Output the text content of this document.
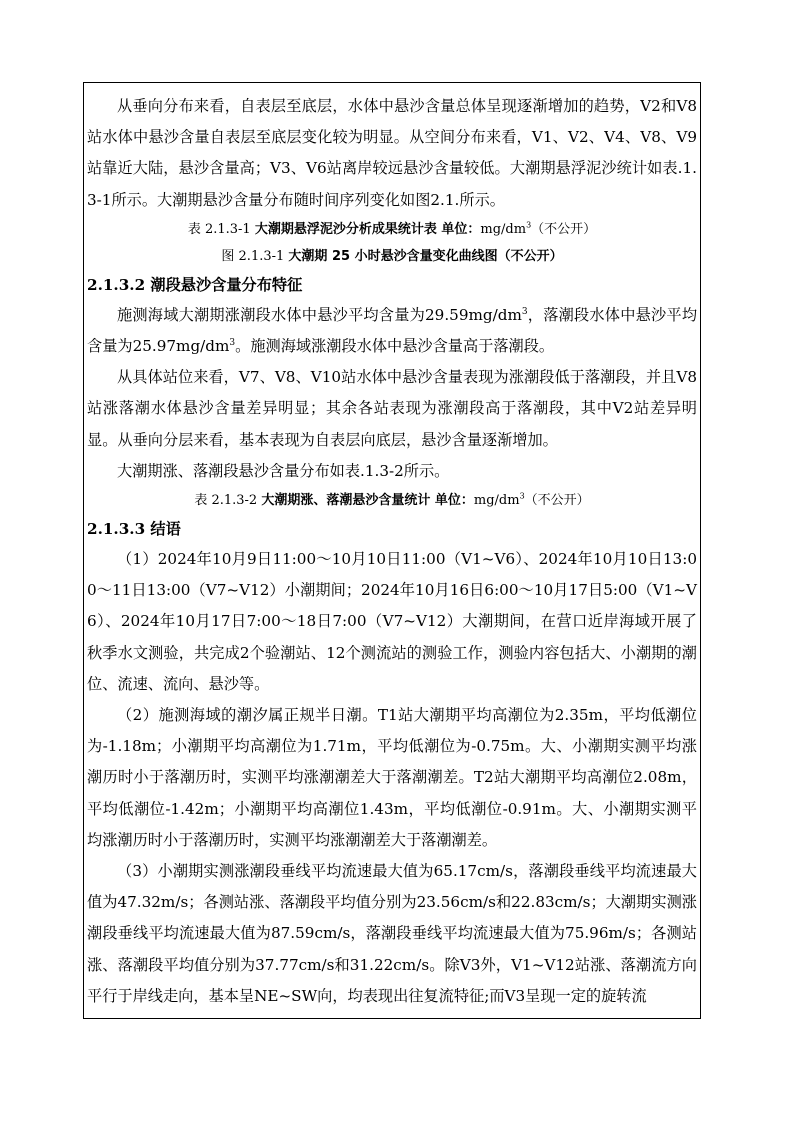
从垂向分布来看，自表层至底层，水体中悬沙含量总体呈现逐渐增加的趋势，V2和V8站水体中悬沙含量自表层至底层变化较为明显。从空间分布来看，V1、V2、V4、V8、V9站靠近大陆，悬沙含量高；V3、V6站离岸较远悬沙含量较低。大潮期悬浮泥沙统计如表.1.3-1所示。大潮期悬沙含量分布随时间序列变化如图2.1.所示。

表 2.1.3-1 大潮期悬浮泥沙分析成果统计表 单位：$mg/dm^3$（不公开）

图 2.1.3-1 大潮期 25 小时悬沙含量变化曲线图（不公开）

2.1.3.2 潮段悬沙含量分布特征

施测海域大潮期涨潮段水体中悬沙平均含量为$29.59mg/dm^3$，落潮段水体中悬沙平均含量为$25.97mg/dm^3$。施测海域涨潮段水体中悬沙含量高于落潮段。

从具体站位来看，V7、V8、V10站水体中悬沙含量表现为涨潮段低于落潮段，并且V8站涨落潮水体悬沙含量差异明显；其余各站表现为涨潮段高于落潮段，其中V2站差异明显。从垂向分层来看，基本表现为自表层向底层，悬沙含量逐渐增加。

大潮期涨、落潮段悬沙含量分布如表.1.3-2所示。

表 2.1.3-2 大潮期涨、落潮悬沙含量统计 单位：$mg/dm^3$（不公开）

2.1.3.3 结语

（1）2024年10月9日11:00～10月10日11:00（V1~V6）、2024年10月10日13:00～11日13:00（V7~V12）小潮期间；2024年10月16日6:00～10月17日5:00（V1~V6）、2024年10月17日7:00～18日7:00（V7~V12）大潮期间，在营口近岸海域开展了秋季水文测验，共完成2个验潮站、12个测流站的测验工作，测验内容包括大、小潮期的潮位、流速、流向、悬沙等。

（2）施测海域的潮汐属正规半日潮。T1站大潮期平均高潮位为2.35m，平均低潮位为-1.18m；小潮期平均高潮位为1.71m，平均低潮位为-0.75m。大、小潮期实测平均涨潮历时小于落潮历时，实测平均涨潮潮差大于落潮潮差。T2站大潮期平均高潮位2.08m，平均低潮位-1.42m；小潮期平均高潮位1.43m，平均低潮位-0.91m。大、小潮期实测平均涨潮历时小于落潮历时，实测平均涨潮潮差大于落潮潮差。

（3）小潮期实测涨潮段垂线平均流速最大值为65.17cm/s，落潮段垂线平均流速最大值为47.32m/s；各测站涨、落潮段平均值分别为23.56cm/s和22.83cm/s；大潮期实测涨潮段垂线平均流速最大值为87.59cm/s，落潮段垂线平均流速最大值为75.96m/s；各测站涨、落潮段平均值分别为37.77cm/s和31.22cm/s。除V3外，V1~V12站涨、落潮流方向平行于岸线走向，基本呈NE~SW向，均表现出往复流特征;而V3呈现一定的旋转流
